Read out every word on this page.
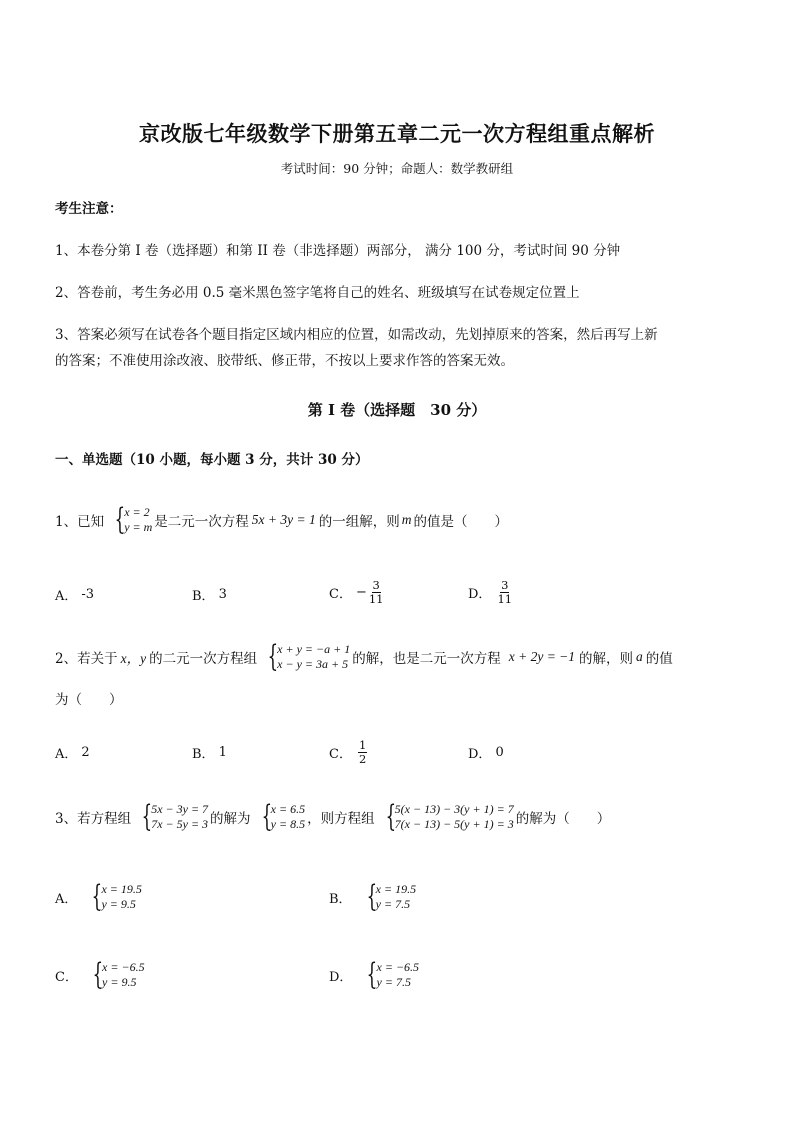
京改版七年级数学下册第五章二元一次方程组重点解析
考试时间：90 分钟；命题人：数学教研组
考生注意：
1、本卷分第 I 卷（选择题）和第 II 卷（非选择题）两部分， 满分 100 分，考试时间 90 分钟
2、答卷前，考生务必用 0.5 毫米黑色签字笔将自己的姓名、班级填写在试卷规定位置上
3、答案必须写在试卷各个题目指定区域内相应的位置，如需改动，先划掉原来的答案，然后再写上新
的答案；不准使用涂改液、胶带纸、修正带，不按以上要求作答的答案无效。
第 I 卷（选择题　30 分）
一、单选题（10 小题，每小题 3 分，共计 30 分）
1、已知 { x = 2
y = m 是二元一次方程 5x + 3y = 1 的一组解，则 m 的值是（　　）
A． -3	B． 3	C． − $\frac{3}{11}$	D． $\frac{3}{11}$
2、若关于 x，y 的二元一次方程组 { x + y = −a + 1
x − y = 3a + 5 的解，也是二元一次方程 x + 2y = −1 的解，则 a 的值
为（　　）
A． 2	B． 1	C． $\frac{1}{2}$	D． 0
3、若方程组 { 5x − 3y = 7
7x − 5y = 3 的解为 { x = 6.5
y = 8.5 ，则方程组 { 5(x − 13) − 3(y + 1) = 7
7(x − 13) − 5(y + 1) = 3 的解为（　　）
A． { x = 19.5
y = 9.5	B． { x = 19.5
y = 7.5
C． { x = −6.5
y = 9.5	D． { x = −6.5
y = 7.5
